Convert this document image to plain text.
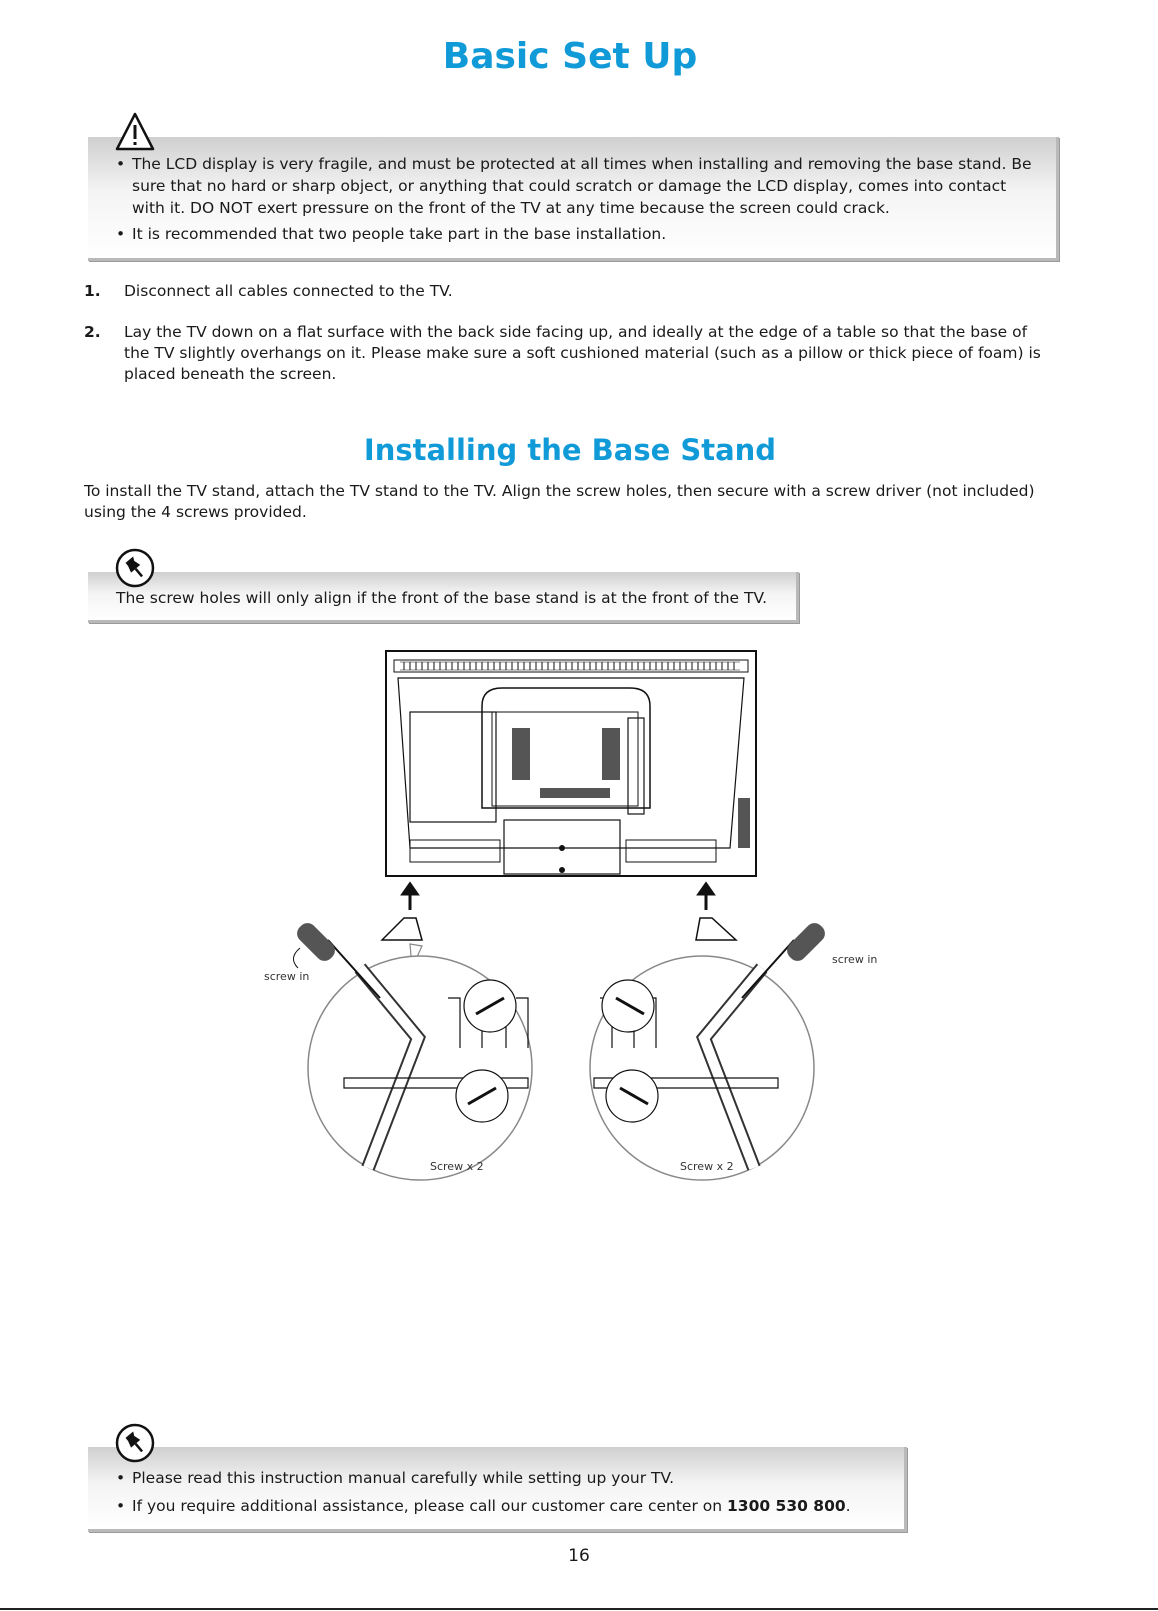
Basic Set Up
• The LCD display is very fragile, and must be protected at all times when installing and removing the base stand. Be sure that no hard or sharp object, or anything that could scratch or damage the LCD display, comes into contact with it. DO NOT exert pressure on the front of the TV at any time because the screen could crack.
• It is recommended that two people take part in the base installation.
1.	Disconnect all cables connected to the TV.
2.	Lay the TV down on a flat surface with the back side facing up, and ideally at the edge of a table so that the base of the TV slightly overhangs on it. Please make sure a soft cushioned material (such as a pillow or thick piece of foam) is placed beneath the screen.
Installing the Base Stand
To install the TV stand, attach the TV stand to the TV. Align the screw holes, then secure with a screw driver (not included) using the 4 screws provided.
The screw holes will only align if the front of the base stand is at the front of the TV.
screw in
screw in
Screw x 2	Screw x 2
• Please read this instruction manual carefully while setting up your TV.
• If you require additional assistance, please call our customer care center on 1300 530 800.
16
